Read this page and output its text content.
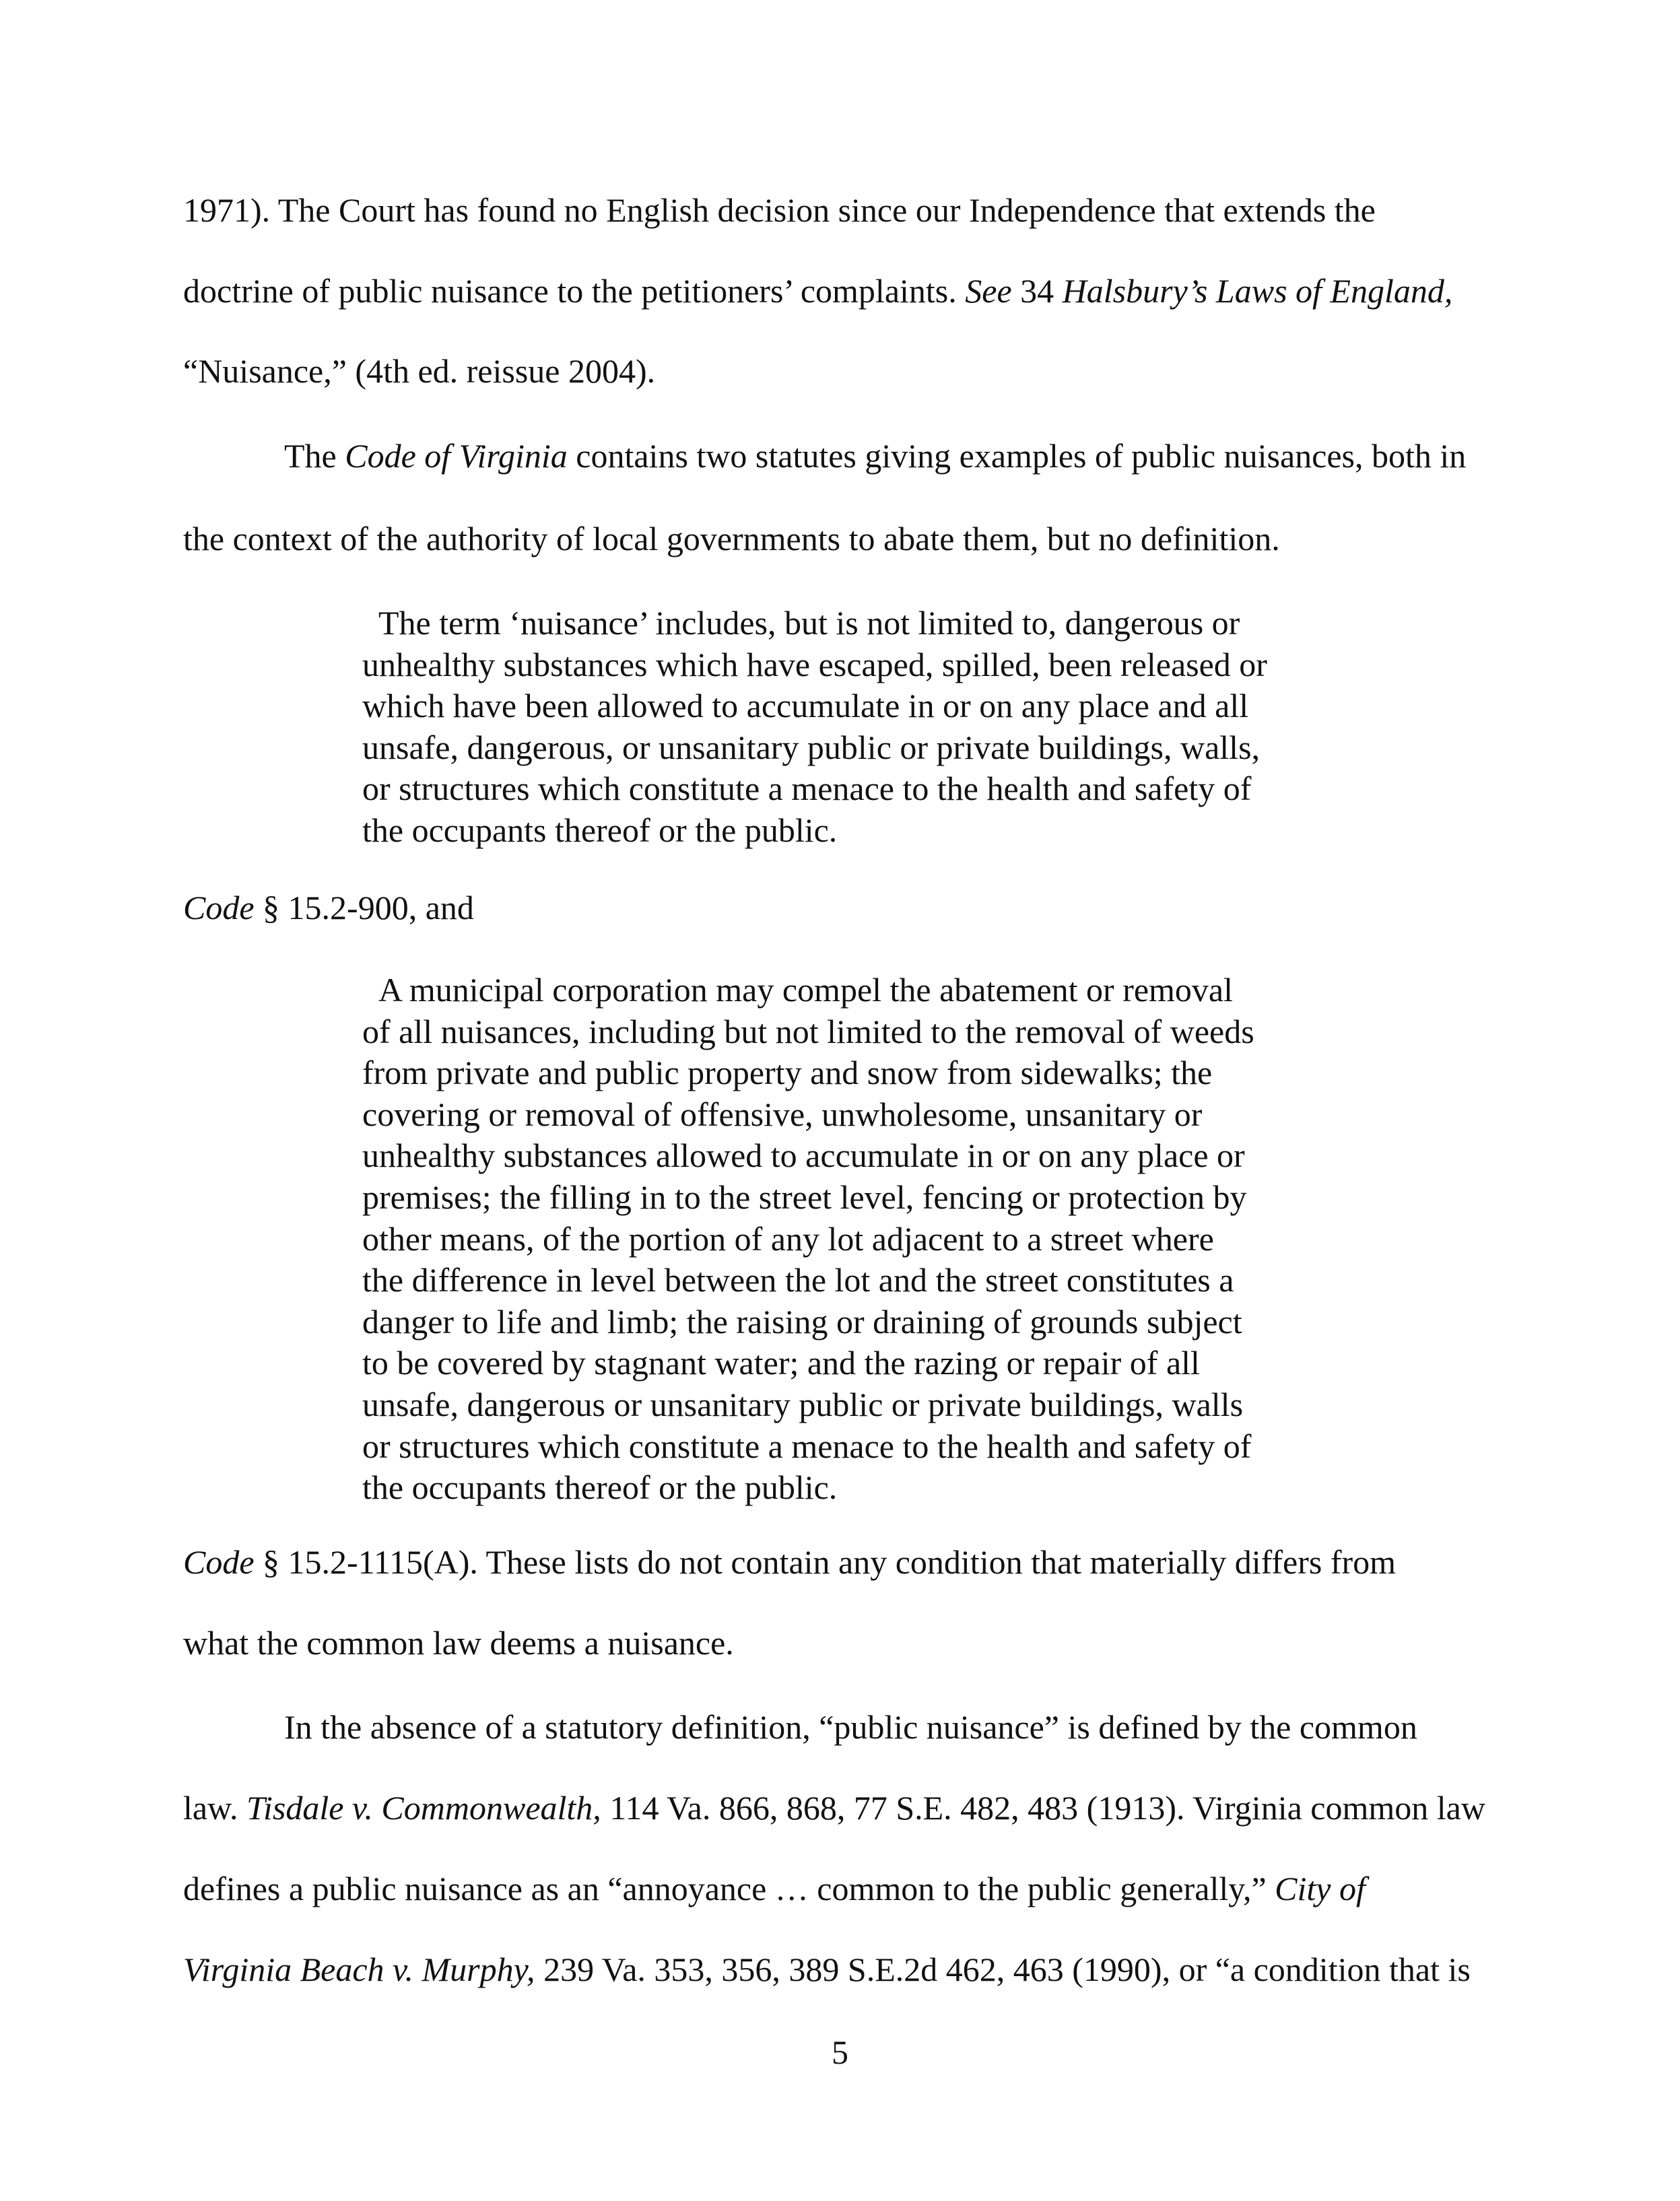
1971). The Court has found no English decision since our Independence that extends the
doctrine of public nuisance to the petitioners’ complaints. See 34 Halsbury’s Laws of England,
“Nuisance,” (4th ed. reissue 2004).
The Code of Virginia contains two statutes giving examples of public nuisances, both in
the context of the authority of local governments to abate them, but no definition.
The term ‘nuisance’ includes, but is not limited to, dangerous or
unhealthy substances which have escaped, spilled, been released or
which have been allowed to accumulate in or on any place and all
unsafe, dangerous, or unsanitary public or private buildings, walls,
or structures which constitute a menace to the health and safety of
the occupants thereof or the public.
Code § 15.2-900, and
A municipal corporation may compel the abatement or removal
of all nuisances, including but not limited to the removal of weeds
from private and public property and snow from sidewalks; the
covering or removal of offensive, unwholesome, unsanitary or
unhealthy substances allowed to accumulate in or on any place or
premises; the filling in to the street level, fencing or protection by
other means, of the portion of any lot adjacent to a street where
the difference in level between the lot and the street constitutes a
danger to life and limb; the raising or draining of grounds subject
to be covered by stagnant water; and the razing or repair of all
unsafe, dangerous or unsanitary public or private buildings, walls
or structures which constitute a menace to the health and safety of
the occupants thereof or the public.
Code § 15.2-1115(A). These lists do not contain any condition that materially differs from
what the common law deems a nuisance.
In the absence of a statutory definition, “public nuisance” is defined by the common
law. Tisdale v. Commonwealth, 114 Va. 866, 868, 77 S.E. 482, 483 (1913). Virginia common law
defines a public nuisance as an “annoyance … common to the public generally,” City of
Virginia Beach v. Murphy, 239 Va. 353, 356, 389 S.E.2d 462, 463 (1990), or “a condition that is
5
